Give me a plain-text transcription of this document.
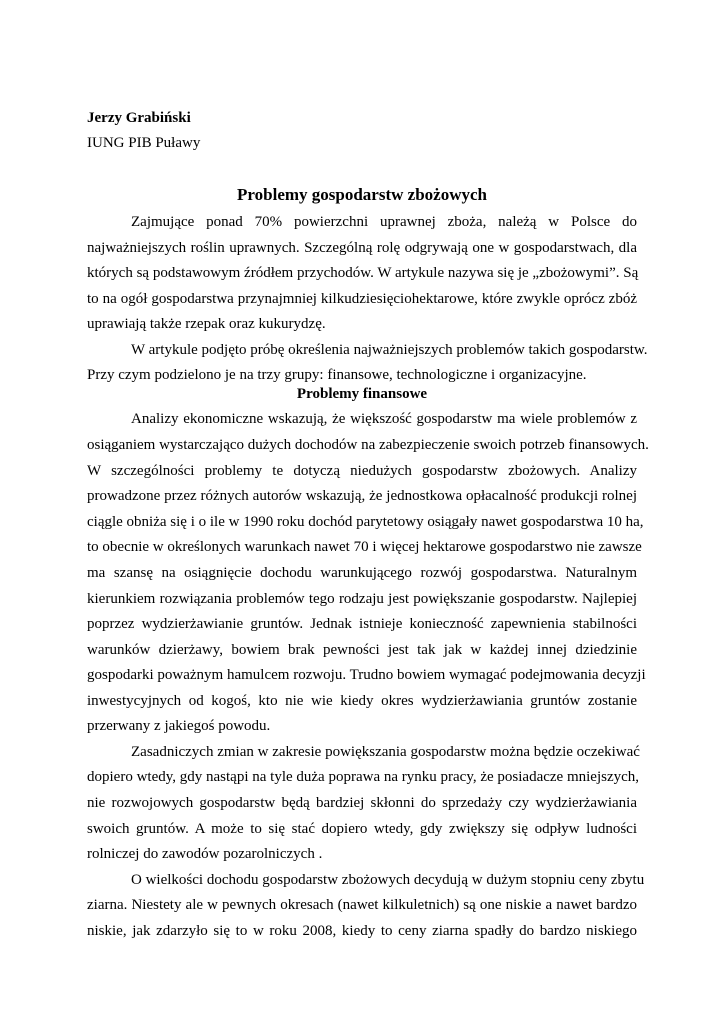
Jerzy Grabiński
IUNG PIB Puławy
Problemy gospodarstw zbożowych
Zajmujące ponad 70% powierzchni uprawnej zboża, należą w Polsce do
najważniejszych roślin uprawnych. Szczególną rolę odgrywają one w gospodarstwach, dla
których są podstawowym źródłem przychodów. W artykule nazywa się je „zbożowymi”. Są
to na ogół gospodarstwa przynajmniej kilkudziesięciohektarowe, które zwykle oprócz zbóż
uprawiają także rzepak oraz kukurydzę.
W artykule podjęto próbę określenia najważniejszych problemów takich gospodarstw.
Przy czym podzielono je na trzy grupy: finansowe, technologiczne i organizacyjne.
Problemy finansowe
Analizy ekonomiczne wskazują, że większość gospodarstw ma wiele problemów z
osiąganiem wystarczająco dużych dochodów na zabezpieczenie swoich potrzeb finansowych.
W szczególności problemy te dotyczą niedużych gospodarstw zbożowych. Analizy
prowadzone przez różnych autorów wskazują, że jednostkowa opłacalność produkcji rolnej
ciągle obniża się i o ile w 1990 roku dochód parytetowy osiągały nawet gospodarstwa 10 ha,
to obecnie w określonych warunkach nawet 70 i więcej hektarowe gospodarstwo nie zawsze
ma szansę na osiągnięcie dochodu warunkującego rozwój gospodarstwa. Naturalnym
kierunkiem rozwiązania problemów tego rodzaju jest powiększanie gospodarstw. Najlepiej
poprzez wydzierżawianie gruntów. Jednak istnieje konieczność zapewnienia stabilności
warunków dzierżawy, bowiem brak pewności jest tak jak w każdej innej dziedzinie
gospodarki poważnym hamulcem rozwoju. Trudno bowiem wymagać podejmowania decyzji
inwestycyjnych od kogoś, kto nie wie kiedy okres wydzierżawiania gruntów zostanie
przerwany z jakiegoś powodu.
Zasadniczych zmian w zakresie powiększania gospodarstw można będzie oczekiwać
dopiero wtedy, gdy nastąpi na tyle duża poprawa na rynku pracy, że posiadacze mniejszych,
nie rozwojowych gospodarstw będą bardziej skłonni do sprzedaży czy wydzierżawiania
swoich gruntów. A może to się stać dopiero wtedy, gdy zwiększy się odpływ ludności
rolniczej do zawodów pozarolniczych .
O wielkości dochodu gospodarstw zbożowych decydują w dużym stopniu ceny zbytu
ziarna. Niestety ale w pewnych okresach (nawet kilkuletnich) są one niskie a nawet bardzo
niskie, jak zdarzyło się to w roku 2008, kiedy to ceny ziarna spadły do bardzo niskiego
